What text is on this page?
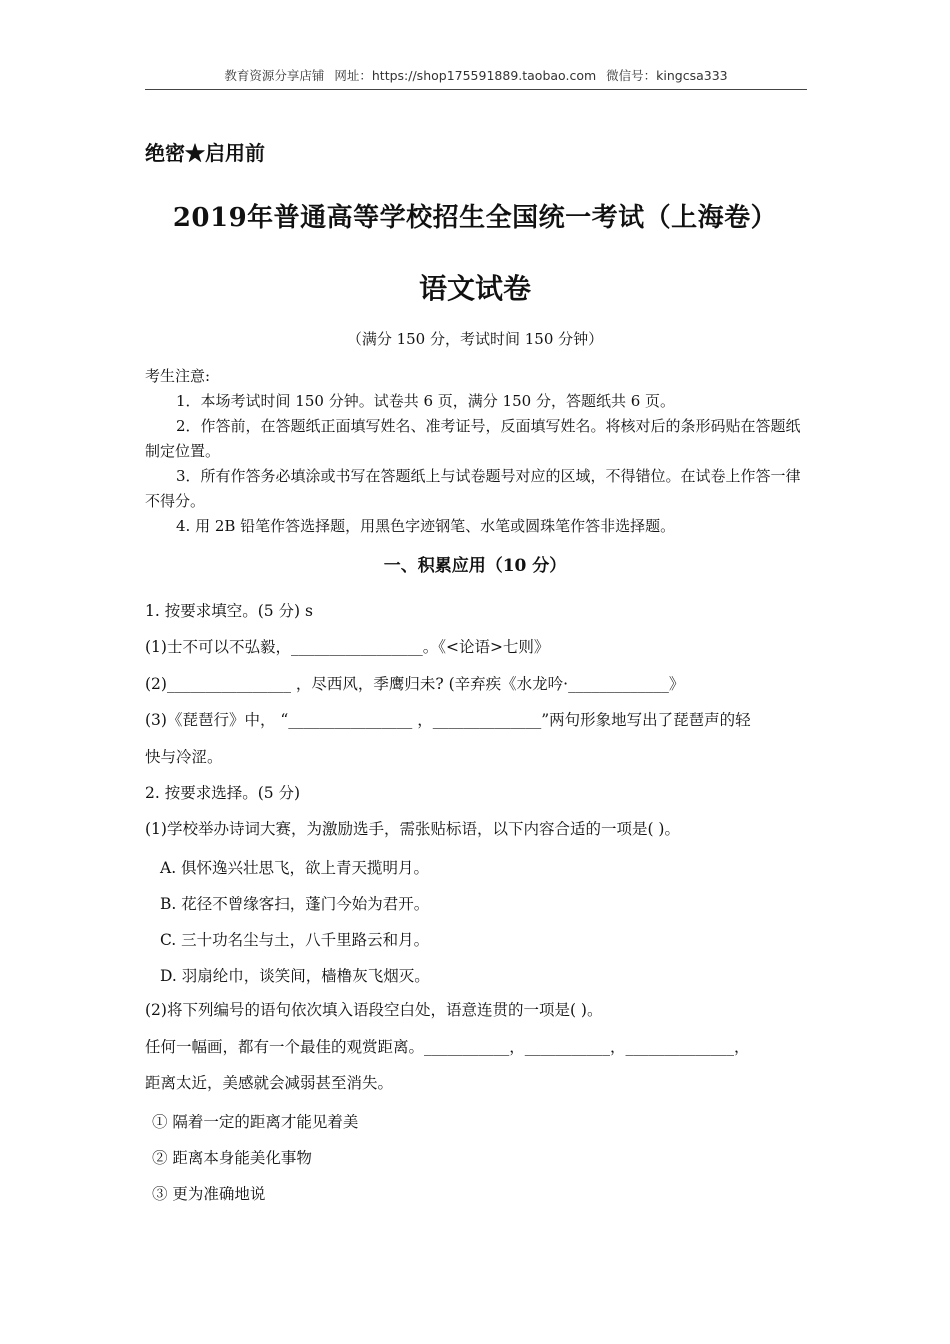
教育资源分享店铺 网址：https://shop175591889.taobao.com 微信号：kingcsa333
绝密★启用前
2019年普通高等学校招生全国统一考试（上海卷）
语文试卷
（满分 150 分，考试时间 150 分钟）
考生注意:
1．本场考试时间 150 分钟。试卷共 6 页，满分 150 分，答题纸共 6 页。
2．作答前，在答题纸正面填写姓名、准考证号，反面填写姓名。将核对后的条形码贴在答题纸制定位置。
3．所有作答务必填涂或书写在答题纸上与试卷题号对应的区域，不得错位。在试卷上作答一律不得分。
4. 用 2B 铅笔作答选择题，用黑色字迹钢笔、水笔或圆珠笔作答非选择题。
一、积累应用（10 分）
1. 按要求填空。(5 分) s
(1)士不可以不弘毅，_________________。《<论语>七则》
(2)________________ ，尽西风，季鹰归未? (辛弃疾《水龙吟·_____________》
(3)《琵琶行》中， “________________ ，______________”两句形象地写出了琵琶声的轻
快与冷涩。
2. 按要求选择。(5 分)
(1)学校举办诗词大赛，为激励选手，需张贴标语，以下内容合适的一项是( )。
A. 俱怀逸兴壮思飞，欲上青天揽明月。
B. 花径不曾缘客扫，蓬门今始为君开。
C. 三十功名尘与土，八千里路云和月。
D. 羽扇纶巾，谈笑间，樯橹灰飞烟灭。
(2)将下列编号的语句依次填入语段空白处，语意连贯的一项是( )。
任何一幅画，都有一个最佳的观赏距离。___________，___________，______________，
距离太近，美感就会减弱甚至消失。
① 隔着一定的距离才能见着美
② 距离本身能美化事物
③ 更为准确地说
